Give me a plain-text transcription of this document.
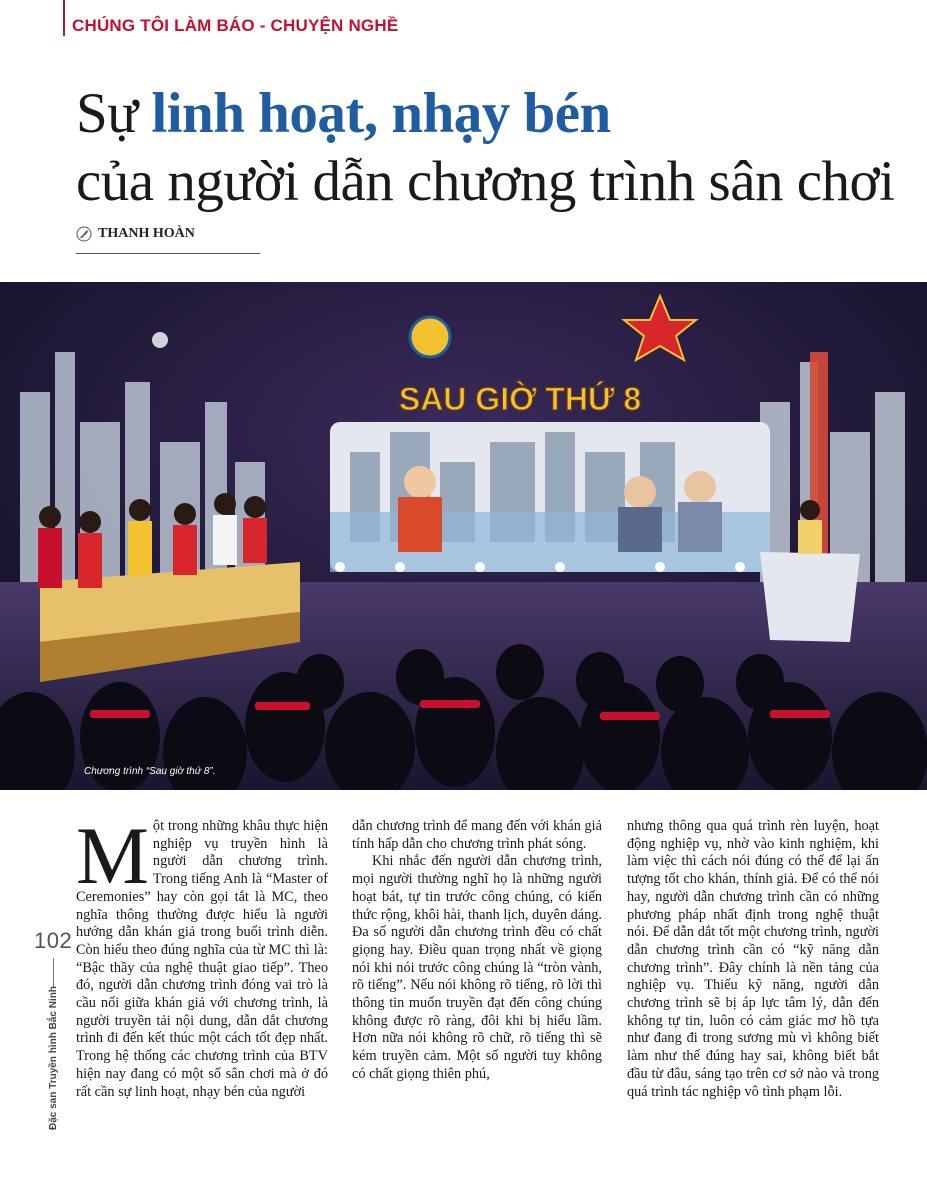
CHÚNG TÔI LÀM BÁO - CHUYỆN NGHỀ
Sự linh hoạt, nhạy bén
của người dẫn chương trình sân chơi
THANH HOÀN
SAU GIỜ THỨ 8
Chương trình “Sau giờ thứ 8”.

Một trong những khâu thực hiện nghiệp vụ truyền hình là người dẫn chương trình. Trong tiếng Anh là “Master of Ceremonies” hay còn gọi tắt là MC, theo nghĩa thông thường được hiểu là người hướng dẫn khán giả trong buổi trình diễn. Còn hiểu theo đúng nghĩa của từ MC thì là: “Bậc thầy của nghệ thuật giao tiếp”. Theo đó, người dẫn chương trình đóng vai trò là cầu nối giữa khán giả với chương trình, là người truyền tải nội dung, dẫn dắt chương trình đi đến kết thúc một cách tốt đẹp nhất. Trong hệ thống các chương trình của BTV hiện nay đang có một số sân chơi mà ở đó rất cần sự linh hoạt, nhạy bén của người

dẫn chương trình để mang đến với khán giả tính hấp dẫn cho chương trình phát sóng.

Khi nhắc đến người dẫn chương trình, mọi người thường nghĩ họ là những người hoạt bát, tự tin trước công chúng, có kiến thức rộng, khôi hài, thanh lịch, duyên dáng. Đa số người dẫn chương trình đều có chất giọng hay. Điều quan trọng nhất về giọng nói khi nói trước công chúng là “tròn vành, rõ tiếng”. Nếu nói không rõ tiếng, rõ lời thì thông tin muốn truyền đạt đến công chúng không được rõ ràng, đôi khi bị hiểu lầm. Hơn nữa nói không rõ chữ, rõ tiếng thì sẽ kém truyền cảm. Một số người tuy không có chất giọng thiên phú,

nhưng thông qua quá trình rèn luyện, hoạt động nghiệp vụ, nhờ vào kinh nghiệm, khi làm việc thì cách nói đúng có thể để lại ấn tượng tốt cho khán, thính giả. Để có thể nói hay, người dẫn chương trình cần có những phương pháp nhất định trong nghệ thuật nói. Để dẫn dắt tốt một chương trình, người dẫn chương trình cần có “kỹ năng dẫn chương trình”. Đây chính là nền tảng của nghiệp vụ. Thiếu kỹ năng, người dẫn chương trình sẽ bị áp lực tâm lý, dẫn đến không tự tin, luôn có cảm giác mơ hồ tựa như đang đi trong sương mù vì không biết làm như thế đúng hay sai, không biết bắt đầu từ đâu, sáng tạo trên cơ sở nào và trong quá trình tác nghiệp vô tình phạm lỗi.

102
Đặc san Truyền hình Bắc Ninh
